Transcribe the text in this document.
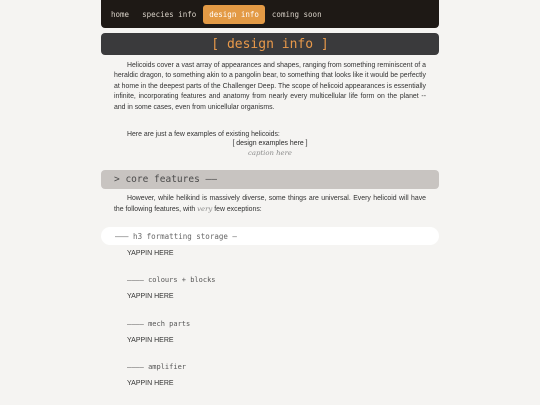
home	species info	design info	coming soon
[ design info ]

Helicoids cover a vast array of appearances and shapes, ranging from something reminiscent of a heraldic dragon, to something akin to a pangolin bear, to something that looks like it would be perfectly at home in the deepest parts of the Challenger Deep. The scope of helicoid appearances is essentially infinite, incorporating features and anatomy from nearly every multicellular life form on the planet -- and in some cases, even from unicellular organisms.

Here are just a few examples of existing helicoids:

[ design examples here ]
caption here
> core features ——

However, while helikind is massively diverse, some things are universal. Every helicoid will have the following features, with very few exceptions:

——— h3 formatting storage —
YAPPIN HERE
———— colours + blocks
YAPPIN HERE
———— mech parts
YAPPIN HERE
———— amplifier
YAPPIN HERE
